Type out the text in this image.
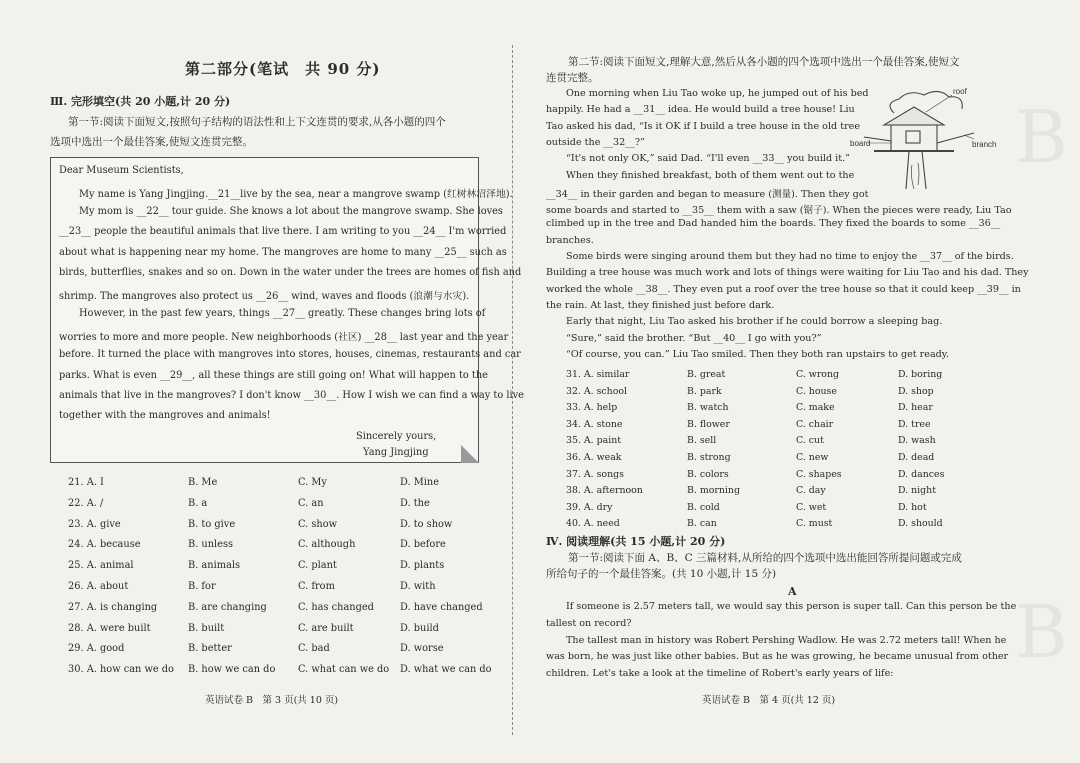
第二部分(笔试　共 90 分)
Ⅲ. 完形填空(共 20 小题,计 20 分)
第一节:阅读下面短文,按照句子结构的语法性和上下文连贯的要求,从各小题的四个
选项中选出一个最佳答案,使短文连贯完整。
Dear Museum Scientists,
My name is Yang Jingjing.__21__live by the sea, near a mangrove swamp (红树林沼泽地).
My mom is __22__ tour guide. She knows a lot about the mangrove swamp. She loves
__23__ people the beautiful animals that live there. I am writing to you __24__ I'm worried
about what is happening near my home. The mangroves are home to many __25__ such as
birds, butterflies, snakes and so on. Down in the water under the trees are homes of fish and
shrimp. The mangroves also protect us __26__ wind, waves and floods (浪潮与水灾).
However, in the past few years, things __27__ greatly. These changes bring lots of
worries to more and more people. New neighborhoods (社区) __28__ last year and the year
before. It turned the place with mangroves into stores, houses, cinemas, restaurants and car
parks. What is even __29__, all these things are still going on! What will happen to the
animals that live in the mangroves? I don't know __30__. How I wish we can find a way to live
together with the mangroves and animals!
Sincerely yours,
Yang Jingjing
21. A. I	B. Me	C. My	D. Mine
22. A. /	B. a	C. an	D. the
23. A. give	B. to give	C. show	D. to show
24. A. because	B. unless	C. although	D. before
25. A. animal	B. animals	C. plant	D. plants
26. A. about	B. for	C. from	D. with
27. A. is changing	B. are changing	C. has changed	D. have changed
28. A. were built	B. built	C. are built	D. build
29. A. good	B. better	C. bad	D. worse
30. A. how can we do B. how we can do C. what can we do D. what we can do
英语试卷 B　第 3 页(共 10 页)
第二节:阅读下面短文,理解大意,然后从各小题的四个选项中选出一个最佳答案,使短文
连贯完整。
One morning when Liu Tao woke up, he jumped out of his bed
happily. He had a __31__ idea. He would build a tree house! Liu
Tao asked his dad, “Is it OK if I build a tree house in the old tree
outside the __32__?”
“It's not only OK,” said Dad. “I'll even __33__ you build it.”
When they finished breakfast, both of them went out to the
__34__ in their garden and began to measure (测量). Then they got
some boards and started to __35__ them with a saw (锯子). When the pieces were ready, Liu Tao
climbed up in the tree and Dad handed him the boards. They fixed the boards to some __36__
branches.
Some birds were singing around them but they had no time to enjoy the __37__ of the birds.
Building a tree house was much work and lots of things were waiting for Liu Tao and his dad. They
worked the whole __38__. They even put a roof over the tree house so that it could keep __39__ in
the rain. At last, they finished just before dark.
Early that night, Liu Tao asked his brother if he could borrow a sleeping bag.
“Sure,” said the brother. “But __40__ I go with you?”
“Of course, you can.” Liu Tao smiled. Then they both ran upstairs to get ready.
roof
board	branch
31. A. similar	B. great	C. wrong	D. boring
32. A. school	B. park	C. house	D. shop
33. A. help	B. watch	C. make	D. hear
34. A. stone	B. flower	C. chair	D. tree
35. A. paint	B. sell	C. cut	D. wash
36. A. weak	B. strong	C. new	D. dead
37. A. songs	B. colors	C. shapes	D. dances
38. A. afternoon	B. morning	C. day	D. night
39. A. dry	B. cold	C. wet	D. hot
40. A. need	B. can	C. must	D. should
Ⅳ. 阅读理解(共 15 小题,计 20 分)
第一节:阅读下面 A、B、C 三篇材料,从所给的四个选项中选出能回答所提问题或完成
所给句子的一个最佳答案。(共 10 小题,计 15 分)
A
If someone is 2.57 meters tall, we would say this person is super tall. Can this person be the
tallest on record?
The tallest man in history was Robert Pershing Wadlow. He was 2.72 meters tall! When he
was born, he was just like other babies. But as he was growing, he became unusual from other
children. Let's take a look at the timeline of Robert's early years of life:
英语试卷 B　第 4 页(共 12 页)
B
B
